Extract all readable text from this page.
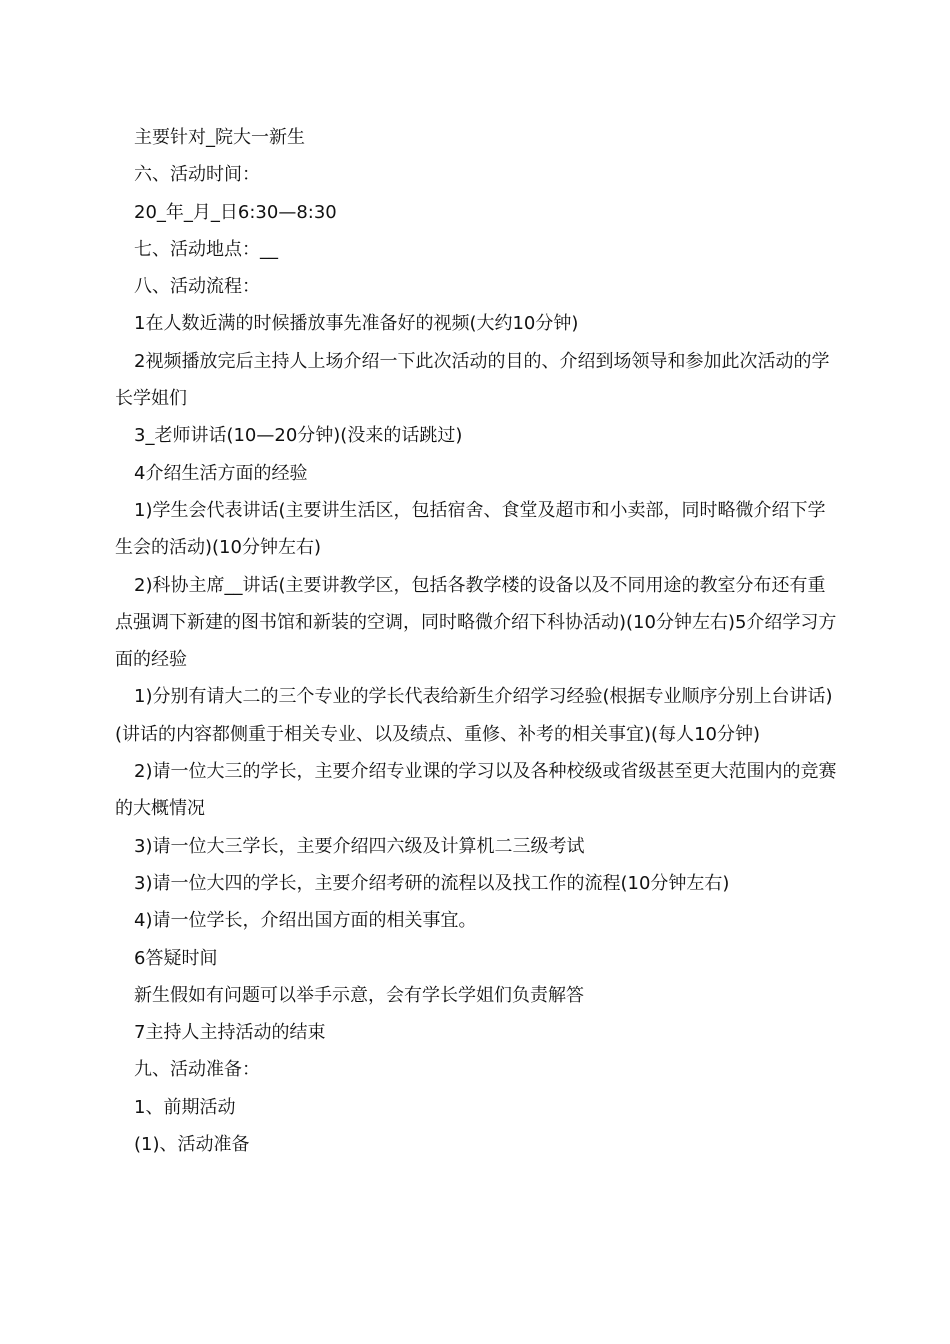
主要针对_院大一新生

六、活动时间：

20_年_月_日6:30—8:30

七、活动地点：__

八、活动流程：

1在人数近满的时候播放事先准备好的视频(大约10分钟)

2视频播放完后主持人上场介绍一下此次活动的目的、介绍到场领导和参加此次活动的学长学姐们

3_老师讲话(10—20分钟)(没来的话跳过)

4介绍生活方面的经验

1)学生会代表讲话(主要讲生活区，包括宿舍、食堂及超市和小卖部，同时略微介绍下学生会的活动)(10分钟左右)

2)科协主席__讲话(主要讲教学区，包括各教学楼的设备以及不同用途的教室分布还有重点强调下新建的图书馆和新装的空调，同时略微介绍下科协活动)(10分钟左右)5介绍学习方面的经验

1)分别有请大二的三个专业的学长代表给新生介绍学习经验(根据专业顺序分别上台讲话)(讲话的内容都侧重于相关专业、以及绩点、重修、补考的相关事宜)(每人10分钟)

2)请一位大三的学长，主要介绍专业课的学习以及各种校级或省级甚至更大范围内的竞赛的大概情况

3)请一位大三学长，主要介绍四六级及计算机二三级考试

3)请一位大四的学长，主要介绍考研的流程以及找工作的流程(10分钟左右)

4)请一位学长，介绍出国方面的相关事宜。

6答疑时间

新生假如有问题可以举手示意，会有学长学姐们负责解答

7主持人主持活动的结束

九、活动准备：

1、前期活动

(1)、活动准备
